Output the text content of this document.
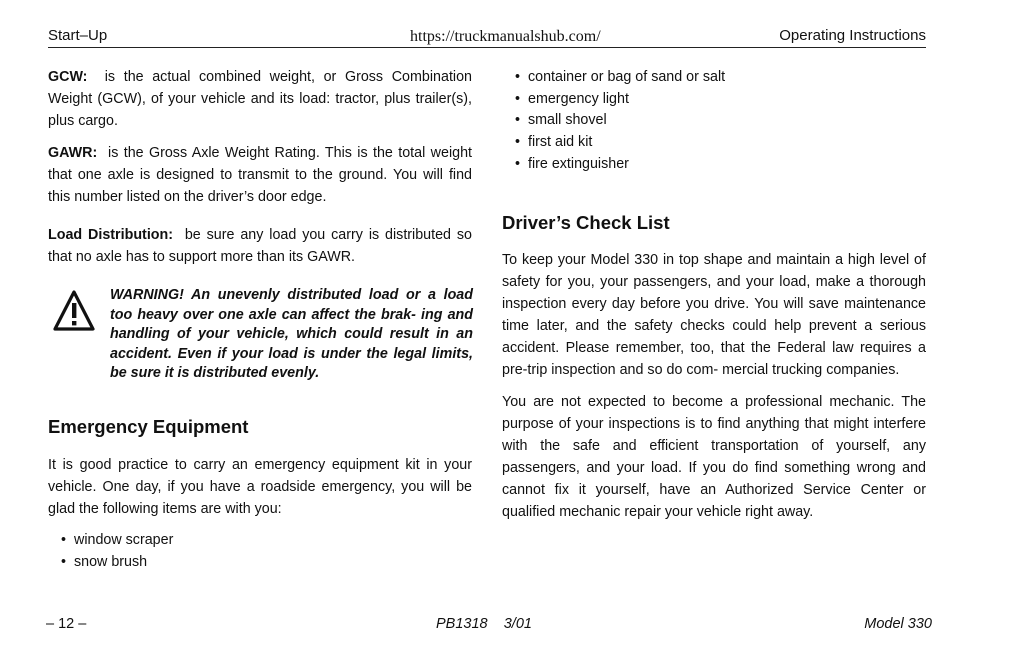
Start–Up	https://truckmanualshub.com/	Operating Instructions

GCW: is the actual combined weight, or Gross Combination Weight (GCW), of your vehicle and its load: tractor, plus trailer(s), plus cargo.

GAWR: is the Gross Axle Weight Rating. This is the total weight that one axle is designed to transmit to the ground. You will find this number listed on the driver’s door edge.

Load Distribution: be sure any load you carry is distributed so that no axle has to support more than its GAWR.

WARNING! An unevenly distributed load or a load too heavy over one axle can affect the brak- ing and handling of your vehicle, which could result in an accident. Even if your load is under the legal limits, be sure it is distributed evenly.
Emergency Equipment

It is good practice to carry an emergency equipment kit in your vehicle. One day, if you have a roadside emergency, you will be glad the following items are with you:

• window scraper
• snow brush
• container or bag of sand or salt
• emergency light
• small shovel
• first aid kit
• fire extinguisher
Driver’s Check List

To keep your Model 330 in top shape and maintain a high level of safety for you, your passengers, and your load, make a thorough inspection every day before you drive. You will save maintenance time later, and the safety checks could help prevent a serious accident. Please remember, too, that the Federal law requires a pre-trip inspection and so do com- mercial trucking companies.

You are not expected to become a professional mechanic. The purpose of your inspections is to find anything that might interfere with the safe and efficient transportation of yourself, any passengers, and your load. If you do find something wrong and cannot fix it yourself, have an Authorized Service Center or qualified mechanic repair your vehicle right away.

– 12 –	PB1318 3/01	Model 330
